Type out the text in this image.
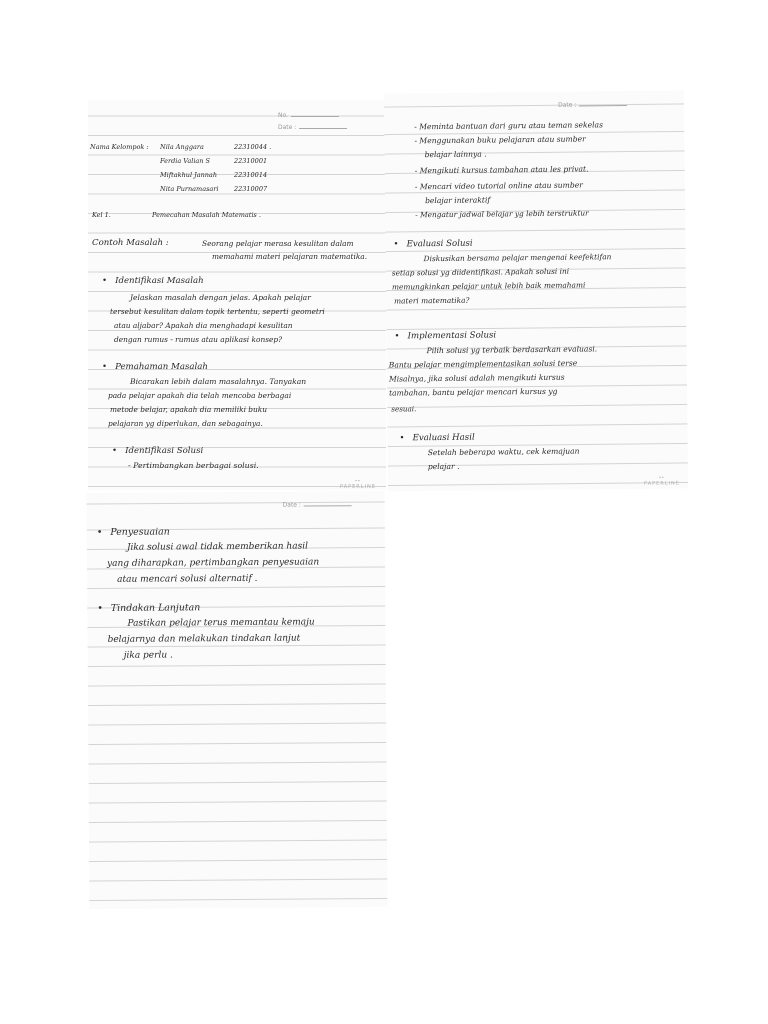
No.
Date :
Nama Kelompok : Nila Anggara	22310044 .
Ferdia Valian S	22310001
Miftakhul Jannah	22310014
Nita Purnamasari 22310007
Kel 1.	Pemecahan Masalah Matematis .
Contoh Masalah :	Seorang pelajar merasa kesulitan dalam
memahami materi pelajaran matematika.
• Identifikasi Masalah
Jelaskan masalah dengan jelas. Apakah pelajar
tersebut kesulitan dalam topik tertentu, seperti geometri
atau aljabar? Apakah dia menghadapi kesulitan
dengan rumus - rumus atau aplikasi konsep?
• Pemahaman Masalah
Bicarakan lebih dalam masalahnya. Tanyakan
pada pelajar apakah dia telah mencoba berbagai
metode belajar, apakah dia memiliki buku
pelajaran yg diperlukan, dan sebagainya.
• Identifikasi Solusi
- Pertimbangkan berbagai solusi.
⬩⬩
PAPERLINE
Date :
- Meminta bantuan dari guru atau teman sekelas
- Menggunakan buku pelajaran atau sumber
belajar lainnya .
- Mengikuti kursus tambahan atau les privat.
- Mencari video tutorial online atau sumber
belajar interaktif
- Mengatur jadwal belajar yg lebih terstruktur
• Evaluasi Solusi
Diskusikan bersama pelajar mengenai keefektifan
setiap solusi yg diidentifikasi. Apakah solusi ini
memungkinkan pelajar untuk lebih baik memahami
materi matematika?
• Implementasi Solusi
Pilih solusi yg terbaik berdasarkan evaluasi.
Bantu pelajar mengimplementasikan solusi terse
Misalnya, jika solusi adalah mengikuti kursus
tambahan, bantu pelajar mencari kursus yg
sesuai.
• Evaluasi Hasil
Setelah beberapa waktu, cek kemajuan
pelajar .
⬩⬩
PAPERLINE
Date :
• Penyesuaian
Jika solusi awal tidak memberikan hasil
yang diharapkan, pertimbangkan penyesuaian
atau mencari solusi alternatif .
• Tindakan Lanjutan
Pastikan pelajar terus memantau kemaju
belajarnya dan melakukan tindakan lanjut
jika perlu .
